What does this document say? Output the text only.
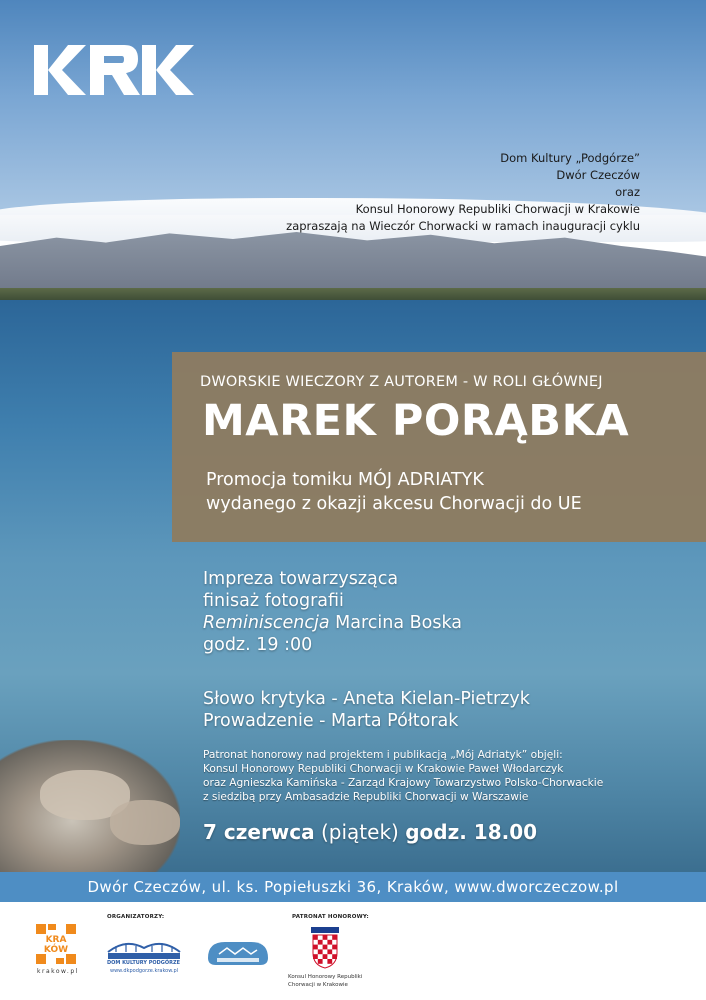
Dom Kultury „Podgórze”
Dwór Czeczów
oraz
Konsul Honorowy Republiki Chorwacji w Krakowie
zapraszają na Wieczór Chorwacki w ramach inauguracji cyklu
DWORSKIE WIECZORY Z AUTOREM - W ROLI GŁÓWNEJ
MAREK PORĄBKA
Promocja tomiku MÓJ ADRIATYK
wydanego z okazji akcesu Chorwacji do UE
Impreza towarzysząca
finisaż fotografii
Reminiscencja Marcina Boska
godz. 19 :00
Słowo krytyka - Aneta Kielan-Pietrzyk
Prowadzenie - Marta Półtorak
Patronat honorowy nad projektem i publikacją „Mój Adriatyk” objęli:
Konsul Honorowy Republiki Chorwacji w Krakowie Paweł Włodarczyk
oraz Agnieszka Kamińska - Zarząd Krajowy Towarzystwo Polsko-Chorwackie
z siedzibą przy Ambasadzie Republiki Chorwacji w Warszawie
7 czerwca (piątek) godz. 18.00
Dwór Czeczów, ul. ks. Popiełuszki 36, Kraków, www.dworczeczow.pl
KRA
KÓW
krakow.pl
ORGANIZATORZY:
DOM KULTURY PODGÓRZE
www.dkpodgorze.krakow.pl
PATRONAT HONOROWY:
Konsul Honorowy Republiki
Chorwacji w Krakowie
